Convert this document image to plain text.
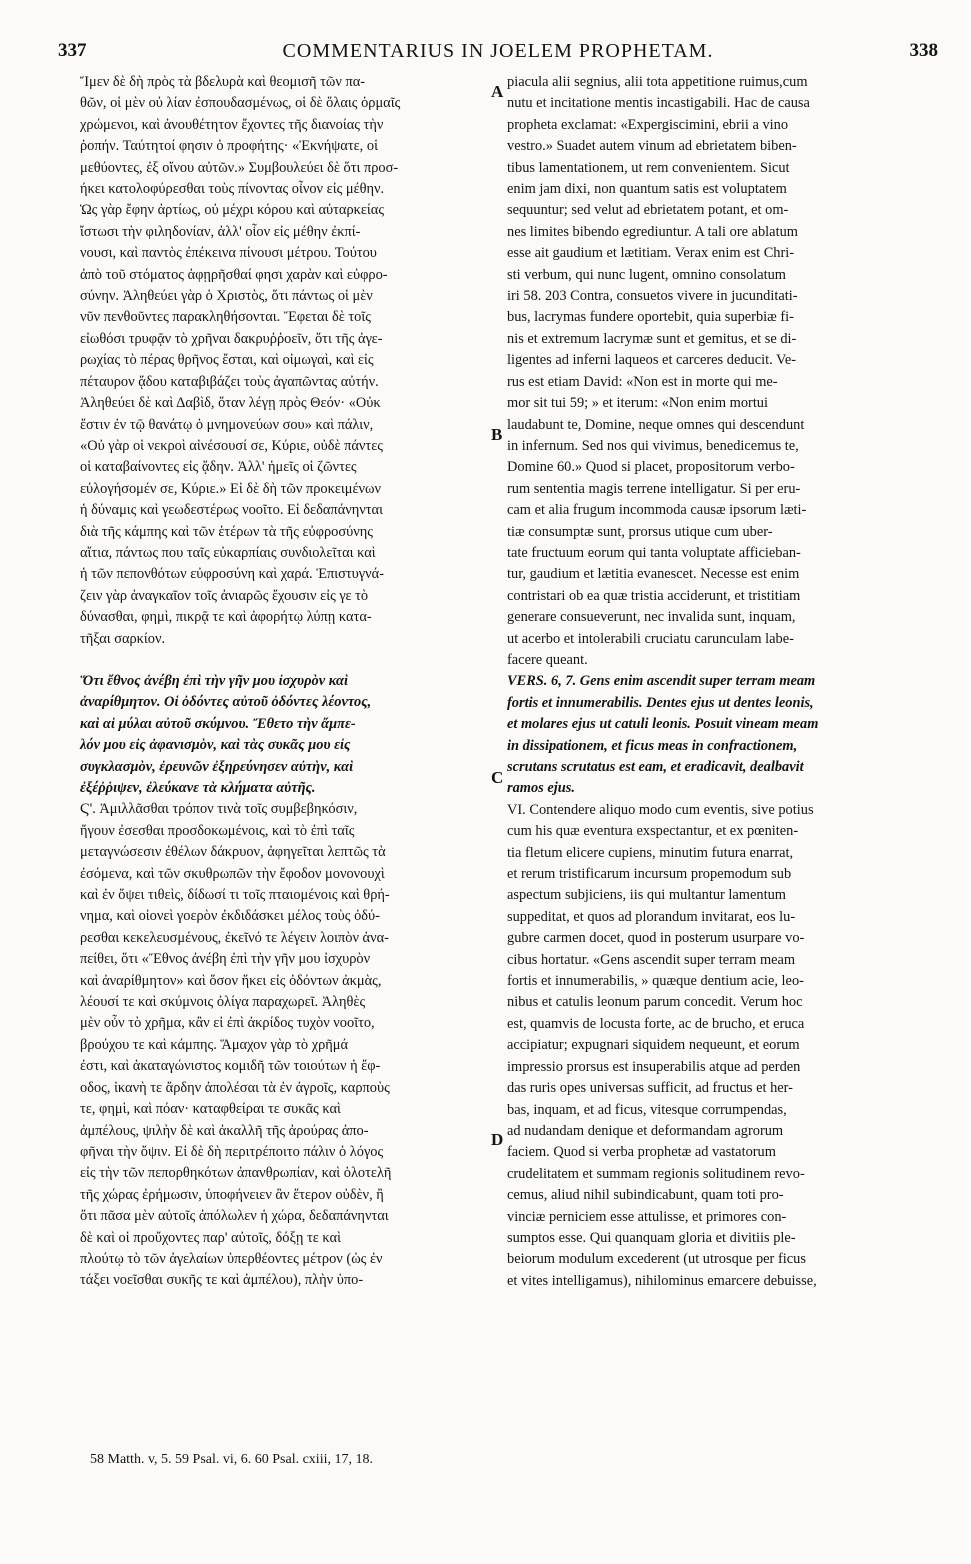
337	COMMENTARIUS IN JOELEM PROPHETAM.	338
Ἴμεν δὲ δὴ πρὸς τὰ βδελυρὰ καὶ θεομισῆ τῶν πα-
θῶν, οἱ μὲν οὐ λίαν ἐσπουδασμένως, οἱ δὲ ὅλαις ὁρμαῖς
χρώμενοι, καὶ ἀνουθέτητον ἔχοντες τῆς διανοίας τὴν
ῥοπήν. Ταύτητοί φησιν ὁ προφήτης· «Ἐκνήψατε, οἱ
μεθύοντες, ἐξ οἴνου αὐτῶν.» Συμβουλεύει δὲ ὅτι προσ-
ήκει κατολοφύρεσθαι τοὺς πίνοντας οἶνον εἰς μέθην.
Ὡς γὰρ ἔφην ἀρτίως, οὐ μέχρι κόρου καὶ αὐταρκείας
ἴστωσι τὴν φιληδονίαν, ἀλλ' οἷον εἰς μέθην ἐκπί-
νουσι, καὶ παντὸς ἐπέκεινα πίνουσι μέτρου. Τούτου
ἀπὸ τοῦ στόματος ἀφῃρῆσθαί φησι χαρὰν καὶ εὐφρο-
σύνην. Ἀληθεύει γὰρ ὁ Χριστὸς, ὅτι πάντως οἱ μὲν
νῦν πενθοῦντες παρακληθήσονται. Ἔφεται δὲ τοῖς
εἰωθόσι τρυφᾷν τὸ χρῆναι δακρυῤῥοεῖν, ὅτι τῆς ἀγε-
ρωχίας τὸ πέρας θρῆνος ἔσται, καὶ οἰμωγαὶ, καὶ εἰς
πέταυρον ᾅδου καταβιβάζει τοὺς ἀγαπῶντας αὐτήν.
Ἀληθεύει δὲ καὶ Δαβὶδ, ὅταν λέγῃ πρὸς Θεόν· «Οὐκ
ἔστιν ἐν τῷ θανάτῳ ὁ μνημονεύων σου» καὶ πάλιν,
«Οὐ γὰρ οἱ νεκροὶ αἰνέσουσί σε, Κύριε, οὐδὲ πάντες
οἱ καταβαίνοντες εἰς ᾅδην. Ἀλλ' ἡμεῖς οἱ ζῶντες
εὐλογήσομέν σε, Κύριε.» Εἰ δὲ δὴ τῶν προκειμένων
ἡ δύναμις καὶ γεωδεστέρως νοοῖτο. Εἰ δεδαπάνηνται
διὰ τῆς κάμπης καὶ τῶν ἑτέρων τὰ τῆς εὐφροσύνης
αἴτια, πάντως που ταῖς εὐκαρπίαις συνδιολεῖται καὶ
ἡ τῶν πεπονθότων εὐφροσύνη καὶ χαρά. Ἐπιστυγνά-
ζειν γὰρ ἀναγκαῖον τοῖς ἀνιαρῶς ἔχουσιν εἰς γε τὸ
δύνασθαι, φημὶ, πικρᾷ τε καὶ ἀφορήτῳ λύπῃ κατα-
τῆξαι σαρκίον.
Ὅτι ἔθνος ἀνέβη ἐπὶ τὴν γῆν μου ἰσχυρὸν καὶ
ἀναρίθμητον. Οἱ ὀδόντες αὐτοῦ ὀδόντες λέοντος,
καὶ αἱ μύλαι αὐτοῦ σκύμνου. Ἔθετο τὴν ἄμπε-
λόν μου εἰς ἀφανισμὸν, καὶ τὰς συκᾶς μου εἰς
συγκλασμὸν, ἐρευνῶν ἐξηρεύνησεν αὐτὴν, καὶ
ἐξέῤῥιψεν, ἐλεύκανε τὰ κλήματα αὐτῆς.
Ϛ'. Ἀμιλλᾶσθαι τρόπον τινὰ τοῖς συμβεβηκόσιν,
ἤγουν ἐσεσθαι προσδοκωμένοις, καὶ τὸ ἐπὶ ταῖς
μεταγνώσεσιν ἐθέλων δάκρυον, ἀφηγεῖται λεπτῶς τὰ
ἐσόμενα, καὶ τῶν σκυθρωπῶν τὴν ἔφοδον μονονουχὶ
καὶ ἐν ὄψει τιθεὶς, δίδωσί τι τοῖς πταιομένοις καὶ θρή-
νημα, καὶ οἱονεὶ γοερὸν ἐκδιδάσκει μέλος τοὺς ὀδύ-
ρεσθαι κεκελευσμένους, ἐκεῖνό τε λέγειν λοιπὸν ἀνα-
πείθει, ὅτι «Ἔθνος ἀνέβη ἐπὶ τὴν γῆν μου ἰσχυρὸν
καὶ ἀναρίθμητον» καὶ ὅσον ἥκει εἰς ὀδόντων ἀκμὰς,
λέουσί τε καὶ σκύμνοις ὀλίγα παραχωρεῖ. Ἀληθὲς
μὲν οὖν τὸ χρῆμα, κἂν εἰ ἐπὶ ἀκρίδος τυχὸν νοοῖτο,
βρούχου τε καὶ κάμπης. Ἅμαχον γὰρ τὸ χρῆμά
ἐστι, καὶ ἀκαταγώνιστος κομιδῆ τῶν τοιούτων ἡ ἔφ-
οδος, ἱκανὴ τε ἄρδην ἀπολέσαι τὰ ἐν ἀγροῖς, καρποὺς
τε, φημὶ, καὶ πόαν· καταφθείραι τε συκᾶς καὶ
ἀμπέλους, ψιλὴν δὲ καὶ ἀκαλλῆ τῆς ἀρούρας ἀπο-
φῆναι τὴν ὄψιν. Εἰ δὲ δὴ περιτρέποιτο πάλιν ὁ λόγος
εἰς τὴν τῶν πεπορθηκότων ἀπανθρωπίαν, καὶ ὁλοτελῆ
τῆς χώρας ἐρήμωσιν, ὑποφήνειεν ἂν ἕτερον οὐδὲν, ἢ
ὅτι πᾶσα μὲν αὐτοῖς ἀπόλωλεν ἡ χώρα, δεδαπάνηνται
δὲ καὶ οἱ προὔχοντες παρ' αὐτοῖς, δόξῃ τε καὶ
πλούτῳ τὸ τῶν ἀγελαίων ὑπερθέοντες μέτρον (ὡς ἐν
τάξει νοεῖσθαι συκῆς τε καὶ ἀμπέλου), πλὴν ὑπο-
piacula alii segnius, alii tota appetitione ruimus,cum
nutu et incitatione mentis incastigabili. Hac de causa
propheta exclamat: «Expergiscimini, ebrii a vino
vestro.» Suadet autem vinum ad ebrietatem biben-
tibus lamentationem, ut rem convenientem. Sicut
enim jam dixi, non quantum satis est voluptatem
sequuntur; sed velut ad ebrietatem potant, et om-
nes limites bibendo egrediuntur. A tali ore ablatum
esse ait gaudium et lætitiam. Verax enim est Chri-
sti verbum, qui nunc lugent, omnino consolatum
iri 58. 203 Contra, consuetos vivere in jucunditati-
bus, lacrymas fundere oportebit, quia superbiæ fi-
nis et extremum lacrymæ sunt et gemitus, et se di-
ligentes ad inferni laqueos et carceres deducit. Ve-
rus est etiam David: «Non est in morte qui me-
mor sit tui 59; » et iterum: «Non enim mortui
laudabunt te, Domine, neque omnes qui descendunt
in infernum. Sed nos qui vivimus, benedicemus te,
Domine 60.» Quod si placet, propositorum verbo-
rum sententia magis terrene intelligatur. Si per eru-
cam et alia frugum incommoda causæ ipsorum læti-
tiæ consumptæ sunt, prorsus utique cum uber-
tate fructuum eorum qui tanta voluptate afficieban-
tur, gaudium et lætitia evanescet. Necesse est enim
contristari ob ea quæ tristia acciderunt, et tristitiam
generare consueverunt, nec invalida sunt, inquam,
ut acerbo et intolerabili cruciatu carunculam labe-
facere queant.
VERS. 6, 7. Gens enim ascendit super terram meam
fortis et innumerabilis. Dentes ejus ut dentes leonis,
et molares ejus ut catuli leonis. Posuit vineam meam
in dissipationem, et ficus meas in confractionem,
scrutans scrutatus est eam, et eradicavit, dealbavit
ramos ejus.
VI. Contendere aliquo modo cum eventis, sive potius
cum his quæ eventura exspectantur, et ex pœniten-
tia fletum elicere cupiens, minutim futura enarrat,
et rerum tristificarum incursum propemodum sub
aspectum subjiciens, iis qui multantur lamentum
suppeditat, et quos ad plorandum invitarat, eos lu-
gubre carmen docet, quod in posterum usurpare vo-
cibus hortatur. «Gens ascendit super terram meam
fortis et innumerabilis, » quæque dentium acie, leo-
nibus et catulis leonum parum concedit. Verum hoc
est, quamvis de locusta forte, ac de brucho, et eruca
accipiatur; expugnari siquidem nequeunt, et eorum
impressio prorsus est insuperabilis atque ad perden
das ruris opes universas sufficit, ad fructus et her-
bas, inquam, et ad ficus, vitesque corrumpendas,
ad nudandam denique et deformandam agrorum
faciem. Quod si verba prophetæ ad vastatorum
crudelitatem et summam regionis solitudinem revo-
cemus, aliud nihil subindicabunt, quam toti pro-
vinciæ perniciem esse attulisse, et primores con-
sumptos esse. Qui quanquam gloria et divitiis ple-
beiorum modulum excederent (ut utrosque per ficus
et vites intelligamus), nihilominus emarcere debuisse,
A
B
C
D
58 Matth. v, 5. 59 Psal. vi, 6. 60 Psal. cxiii, 17, 18.
